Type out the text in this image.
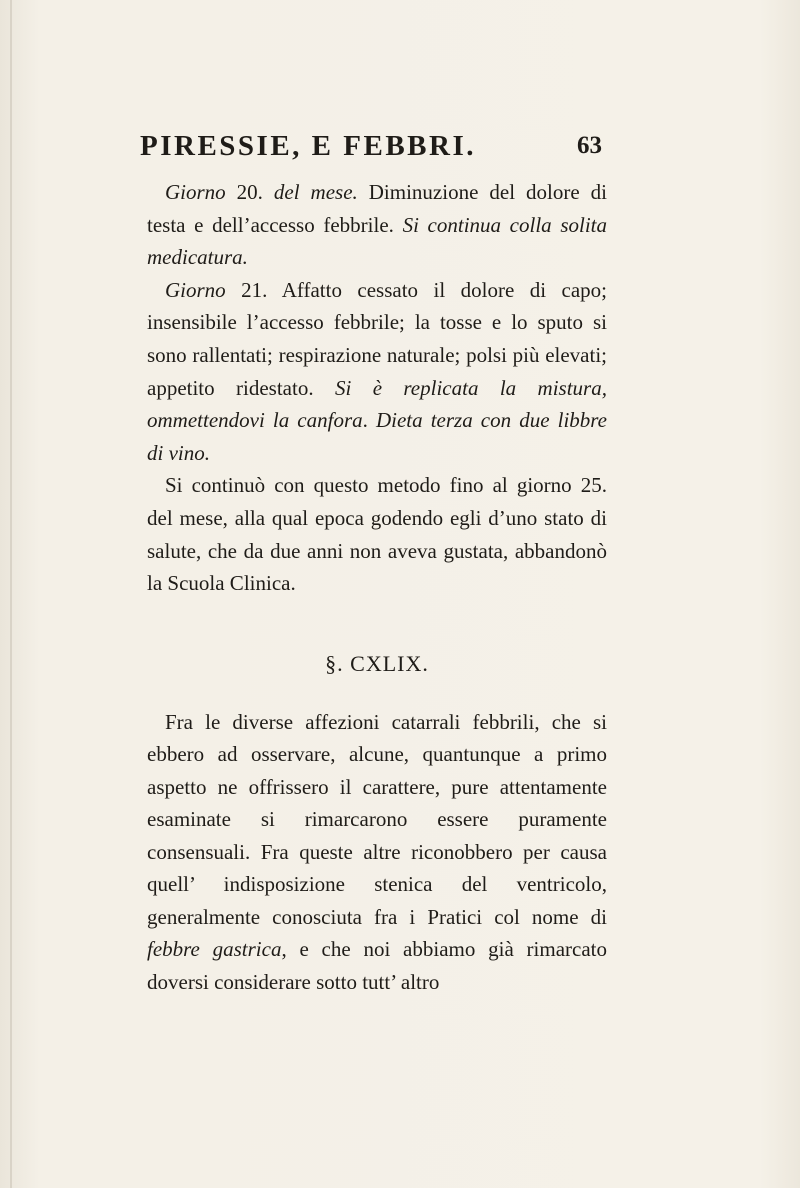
PIRESSIE, E FEBBRI.	63

Giorno 20. del mese. Diminuzione del dolore di testa e dell’accesso febbrile. Si continua colla solita medicatura.

Giorno 21. Affatto cessato il dolore di capo; insensibile l’accesso febbrile; la tosse e lo sputo si sono rallentati; respirazione naturale; polsi più elevati; appetito ridestato. Si è replicata la mistura, ommettendovi la canfora. Dieta terza con due libbre di vino.

Si continuò con questo metodo fino al giorno 25. del mese, alla qual epoca godendo egli d’uno stato di salute, che da due anni non aveva gustata, abbandonò la Scuola Clinica.

§. CXLIX.

Fra le diverse affezioni catarrali febbrili, che si ebbero ad osservare, alcune, quantunque a primo aspetto ne offrissero il carattere, pure attentamente esaminate si rimarcarono essere puramente consensuali. Fra queste altre riconobbero per causa quell’ indisposizione stenica del ventricolo, generalmente conosciuta fra i Pratici col nome di febbre gastrica, e che noi abbiamo già rimarcato doversi considerare sotto tutt’ altro
